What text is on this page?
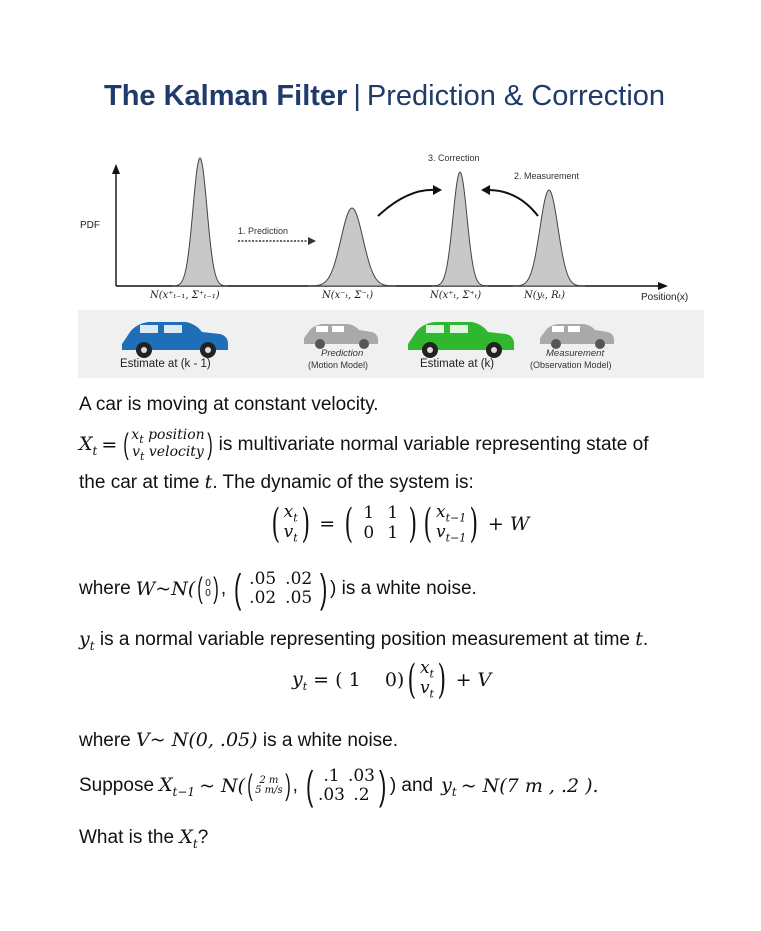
The Kalman Filter | Prediction & Correction
PDF
Position(x)
1. Prediction
3. Correction
2. Measurement
N(x⁺ₜ₋₁, Σ⁺ₜ₋₁)	N(x⁻ₜ, Σ⁻ₜ)	N(x⁺ₜ, Σ⁺ₜ)	N(yₜ, Rₜ)
Estimate at (k - 1)
Prediction
(Motion Model)	Estimate at (k)
Measurement
(Observation Model)
A car is moving at constant velocity.
$X_t$ = ( $x_t$ position
$v_t$ velocity ) is multivariate normal variable representing state of
the car at time t. The dynamic of the system is:
( $x_t$
$v_t$ ) = ( 1 1
0 1 ) ( $x_{t-1}$
$v_{t-1}$ ) + W
where W ~N( ( 0
0 ) , ( .05 .02
.02 .05 ) ) is a white noise.
$y_t$ is a normal variable representing position measurement at time t.
$y_t$ = ( 1    0) ( $x_t$
$v_t$ ) + V
where V~ N(0, .05) is a white noise.
Suppose $X_{t-1}$ ~ N( ( 2 m
5 m/s ) , ( .1 .03
.03 .2 ) ) and $y_t$ ~ N(7 m , .2 ).
What is the $X_t$?
